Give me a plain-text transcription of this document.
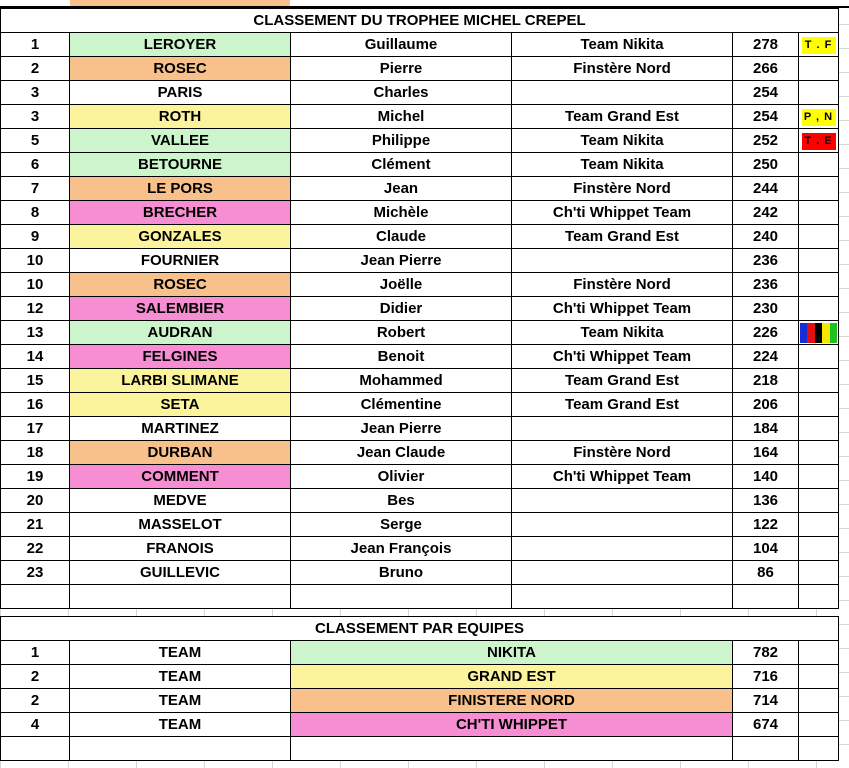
CLASSEMENT DU TROPHEE MICHEL CREPEL					
1	LEROYER	Guillaume	Team Nikita	278	T . F
2	ROSEC	Pierre	Finstère Nord	266	
3	PARIS	Charles		254	
3	ROTH	Michel	Team Grand Est	254	P , N
5	VALLEE	Philippe	Team Nikita	252	T . E
6	BETOURNE	Clément	Team Nikita	250	
7	LE PORS	Jean	Finstère Nord	244	
8	BRECHER	Michèle	Ch'ti Whippet Team	242	
9	GONZALES	Claude	Team Grand Est	240	
10	FOURNIER	Jean Pierre		236	
10	ROSEC	Joëlle	Finstère Nord	236	
12	SALEMBIER	Didier	Ch'ti Whippet Team	230	
13	AUDRAN	Robert	Team Nikita	226	
14	FELGINES	Benoit	Ch'ti Whippet Team	224	
15	LARBI SLIMANE	Mohammed	Team Grand Est	218	
16	SETA	Clémentine	Team Grand Est	206	
17	MARTINEZ	Jean Pierre		184	
18	DURBAN	Jean Claude	Finstère Nord	164	
19	COMMENT	Olivier	Ch'ti Whippet Team	140	
20	MEDVE	Bes		136	
21	MASSELOT	Serge		122	
22	FRANOIS	Jean François		104	
23	GUILLEVIC	Bruno		86	

CLASSEMENT PAR EQUIPES				
1	TEAM	NIKITA	782	
2	TEAM	GRAND EST	716	
2	TEAM	FINISTERE NORD	714	
4	TEAM	CH'TI WHIPPET	674	
